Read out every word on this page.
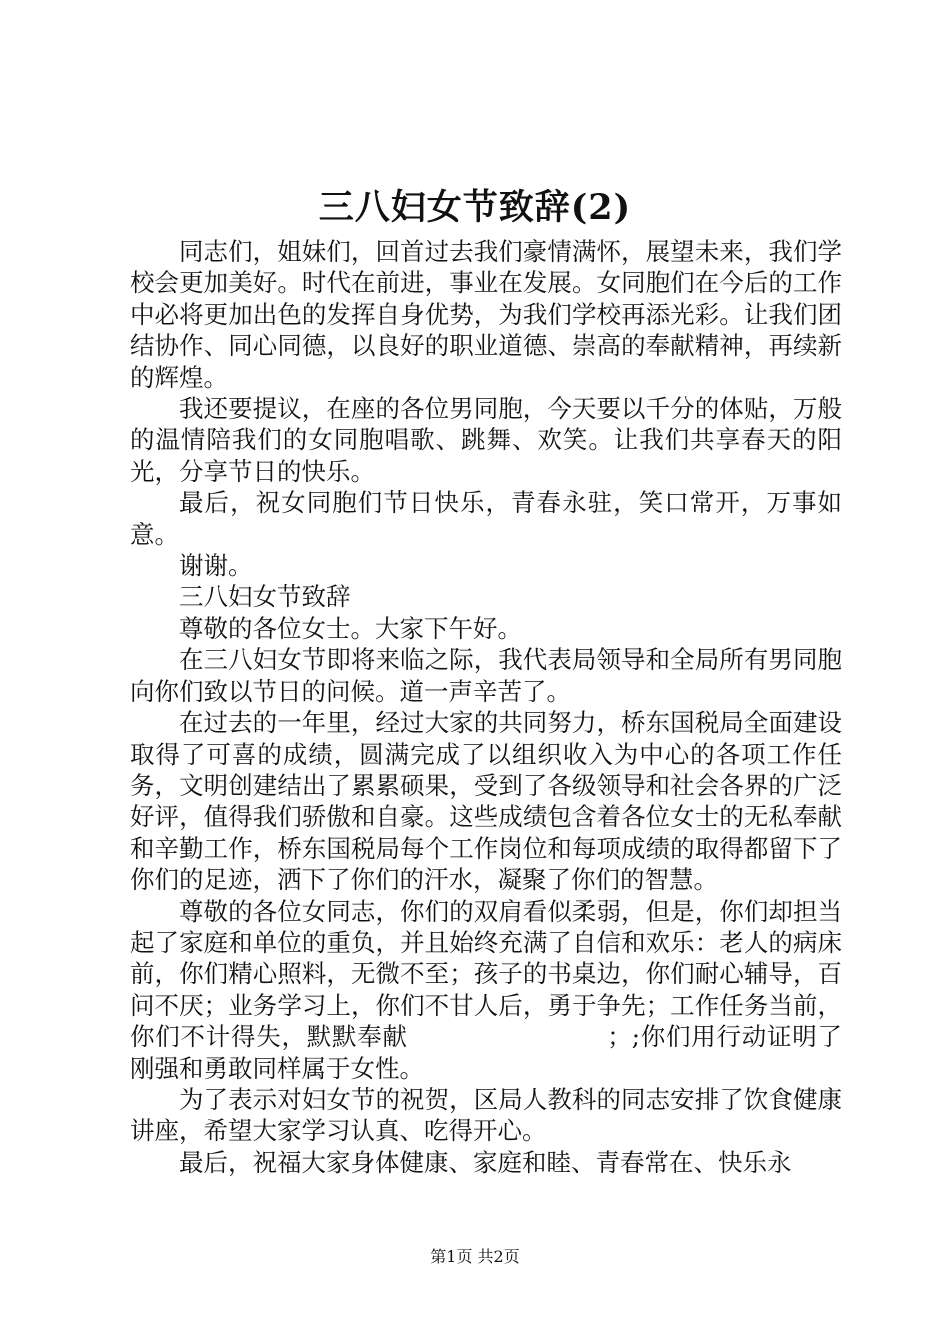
三八妇女节致辞(2)

同志们，姐妹们，回首过去我们豪情满怀，展望未来，我们学校会更加美好。时代在前进，事业在发展。女同胞们在今后的工作中必将更加出色的发挥自身优势，为我们学校再添光彩。让我们团结协作、同心同德，以良好的职业道德、崇高的奉献精神，再续新的辉煌。

我还要提议，在座的各位男同胞，今天要以千分的体贴，万般的温情陪我们的女同胞唱歌、跳舞、欢笑。让我们共享春天的阳光，分享节日的快乐。

最后，祝女同胞们节日快乐，青春永驻，笑口常开，万事如意。

谢谢。

三八妇女节致辞

尊敬的各位女士。大家下午好。

在三八妇女节即将来临之际，我代表局领导和全局所有男同胞向你们致以节日的问候。道一声辛苦了。

在过去的一年里，经过大家的共同努力，桥东国税局全面建设取得了可喜的成绩，圆满完成了以组织收入为中心的各项工作任务，文明创建结出了累累硕果，受到了各级领导和社会各界的广泛好评，值得我们骄傲和自豪。这些成绩包含着各位女士的无私奉献和辛勤工作，桥东国税局每个工作岗位和每项成绩的取得都留下了你们的足迹，洒下了你们的汗水，凝聚了你们的智慧。

尊敬的各位女同志，你们的双肩看似柔弱，但是，你们却担当起了家庭和单位的重负，并且始终充满了自信和欢乐：老人的病床前，你们精心照料，无微不至；孩子的书桌边，你们耐心辅导，百问不厌；业务学习上，你们不甘人后，勇于争先；工作任务当前，你们不计得失，默默奉献	；;你们用行动证明了刚强和勇敢同样属于女性。

为了表示对妇女节的祝贺，区局人教科的同志安排了饮食健康讲座，希望大家学习认真、吃得开心。

最后，祝福大家身体健康、家庭和睦、青春常在、快乐永

第1页 共2页
